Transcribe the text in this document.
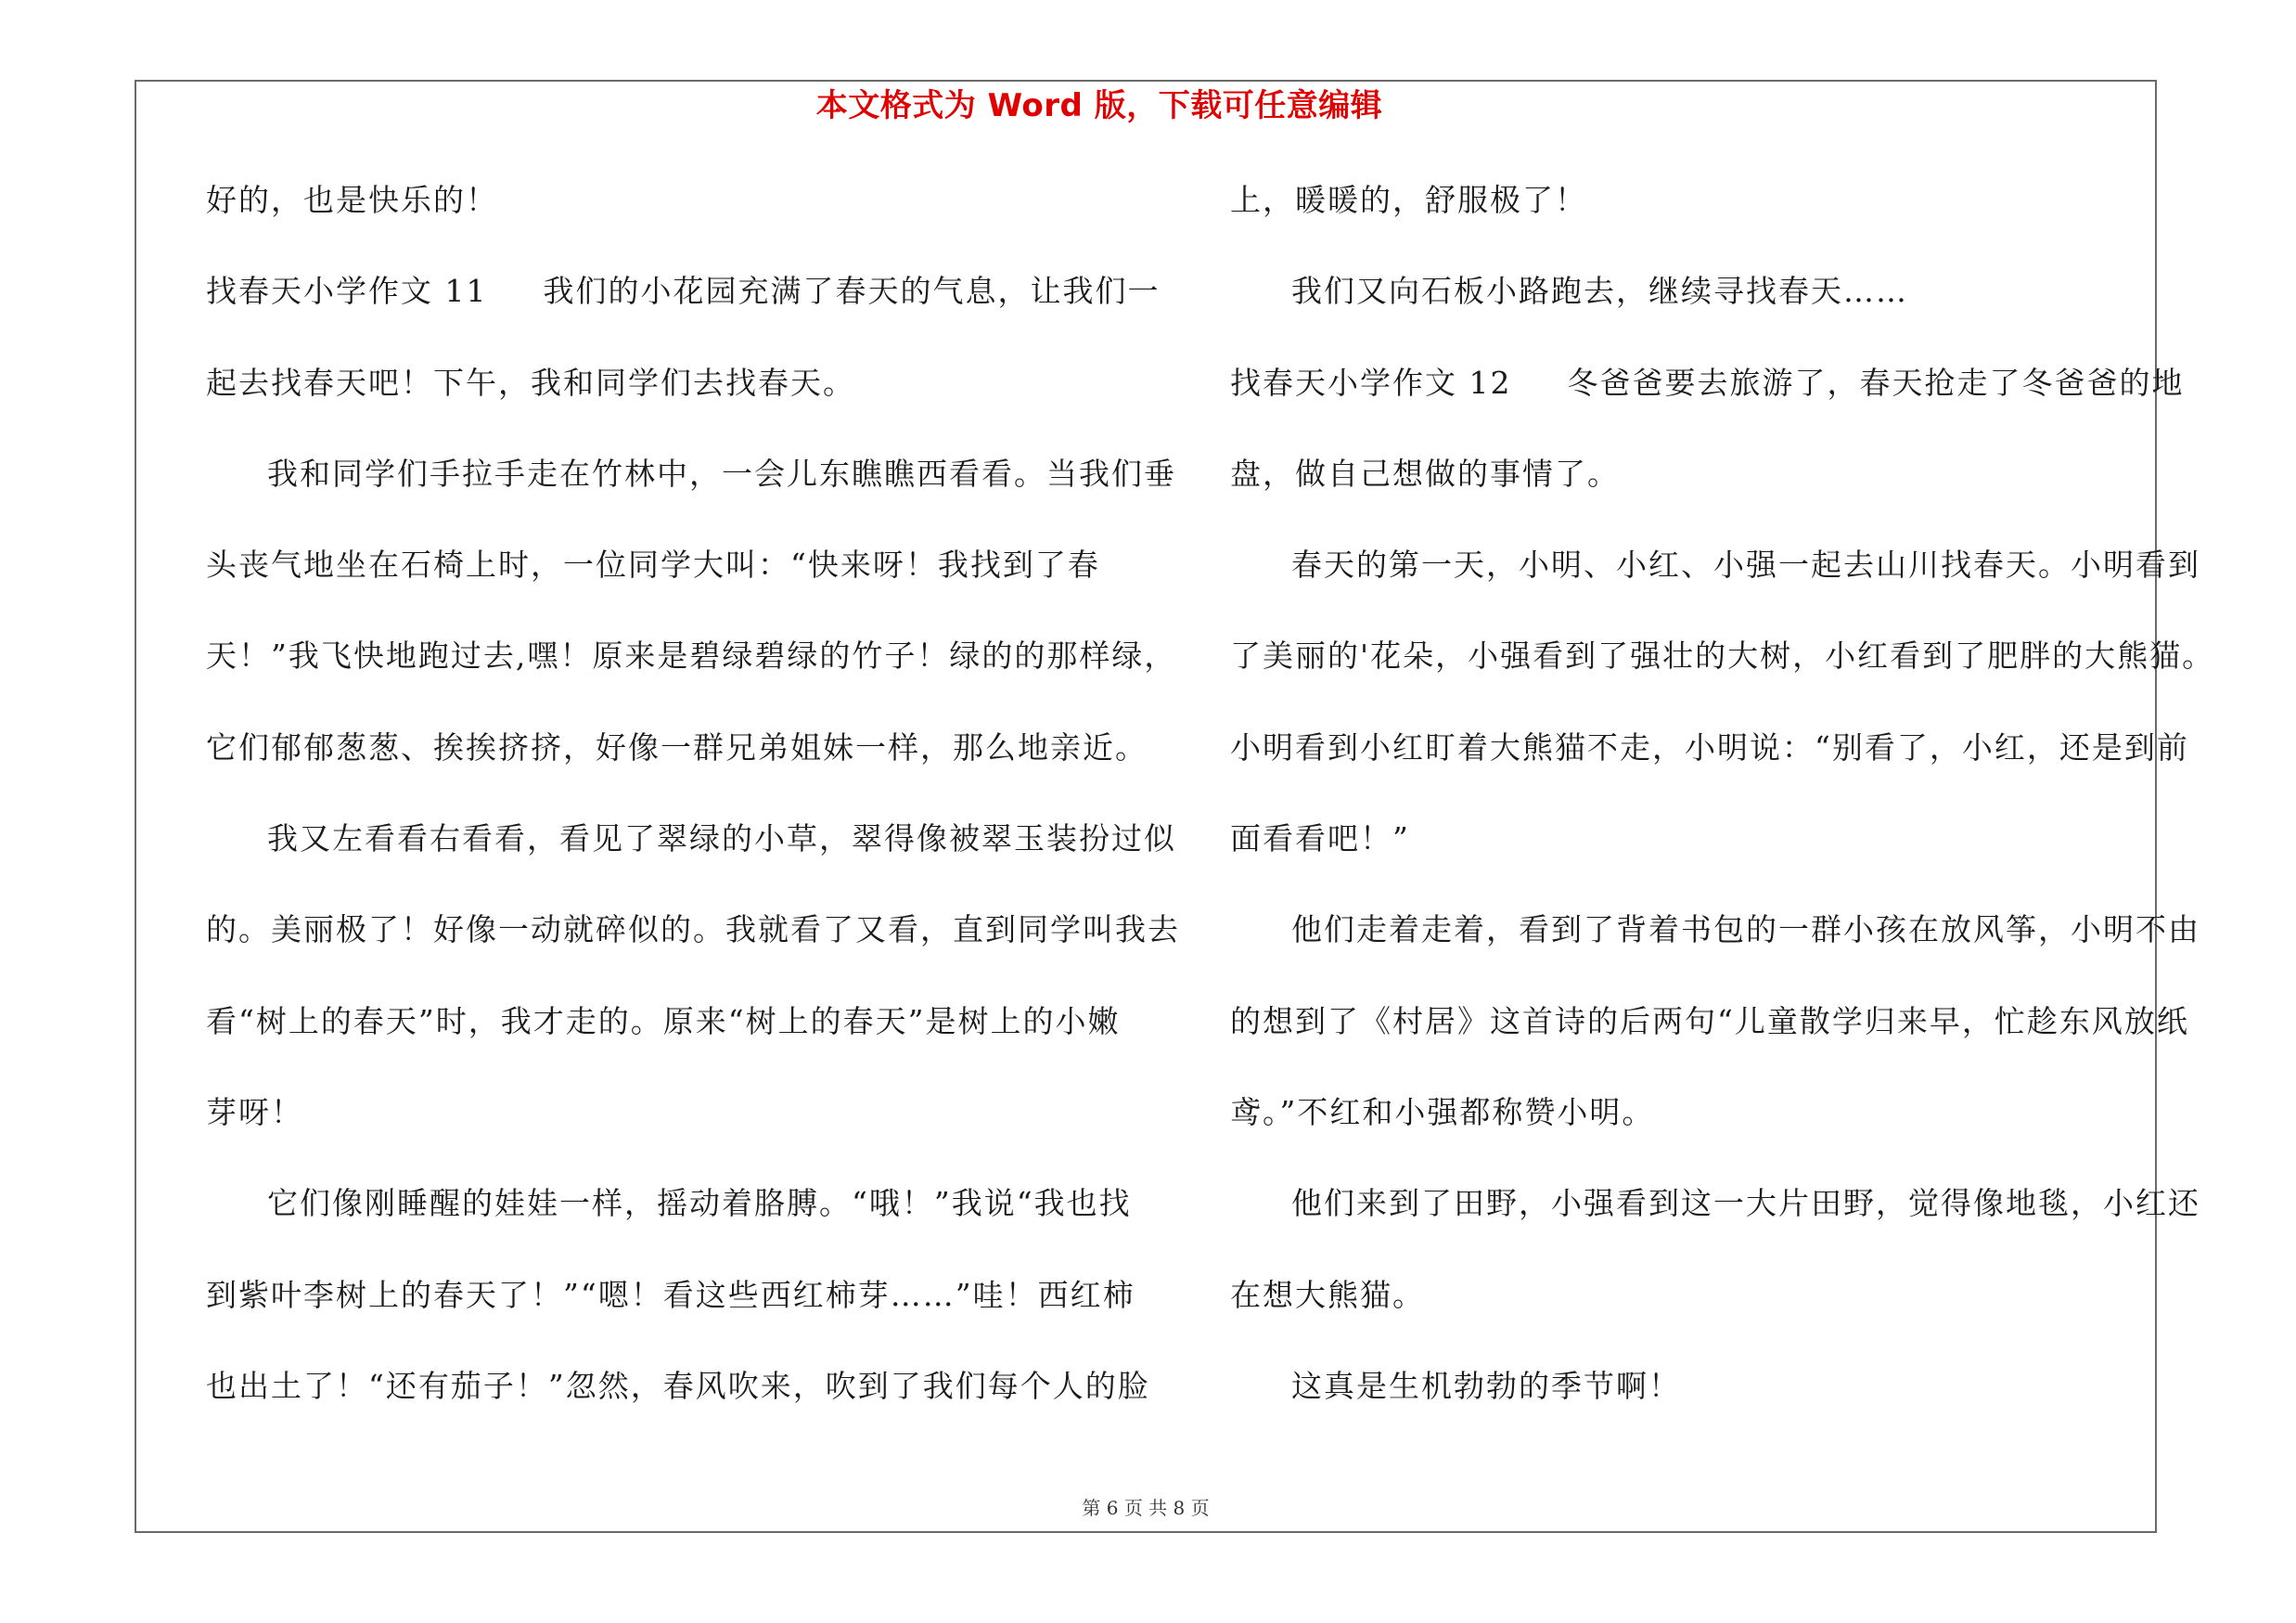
本文格式为 Word 版，下载可任意编辑
好的，也是快乐的！
找春天小学作文 11 我们的小花园充满了春天的气息，让我们一
起去找春天吧！下午，我和同学们去找春天。
我和同学们手拉手走在竹林中，一会儿东瞧瞧西看看。当我们垂
头丧气地坐在石椅上时，一位同学大叫：“快来呀！我找到了春
天！”我飞快地跑过去,嘿！原来是碧绿碧绿的竹子！绿的的那样绿，
它们郁郁葱葱、挨挨挤挤，好像一群兄弟姐妹一样，那么地亲近。
我又左看看右看看，看见了翠绿的小草，翠得像被翠玉装扮过似
的。美丽极了！好像一动就碎似的。我就看了又看，直到同学叫我去
看“树上的春天”时，我才走的。原来“树上的春天”是树上的小嫩
芽呀！
它们像刚睡醒的娃娃一样，摇动着胳膊。“哦！”我说“我也找
到紫叶李树上的春天了！”“嗯！看这些西红柿芽……”哇！西红柿
也出土了！“还有茄子！”忽然，春风吹来，吹到了我们每个人的脸
上，暖暖的，舒服极了！
我们又向石板小路跑去，继续寻找春天……
找春天小学作文 12 冬爸爸要去旅游了，春天抢走了冬爸爸的地
盘，做自己想做的事情了。
春天的第一天，小明、小红、小强一起去山川找春天。小明看到
了美丽的'花朵，小强看到了强壮的大树，小红看到了肥胖的大熊猫。
小明看到小红盯着大熊猫不走，小明说：“别看了，小红，还是到前
面看看吧！”
他们走着走着，看到了背着书包的一群小孩在放风筝，小明不由
的想到了《村居》这首诗的后两句“儿童散学归来早，忙趁东风放纸
鸢。”不红和小强都称赞小明。
他们来到了田野，小强看到这一大片田野，觉得像地毯，小红还
在想大熊猫。
这真是生机勃勃的季节啊！
第 6 页 共 8 页
